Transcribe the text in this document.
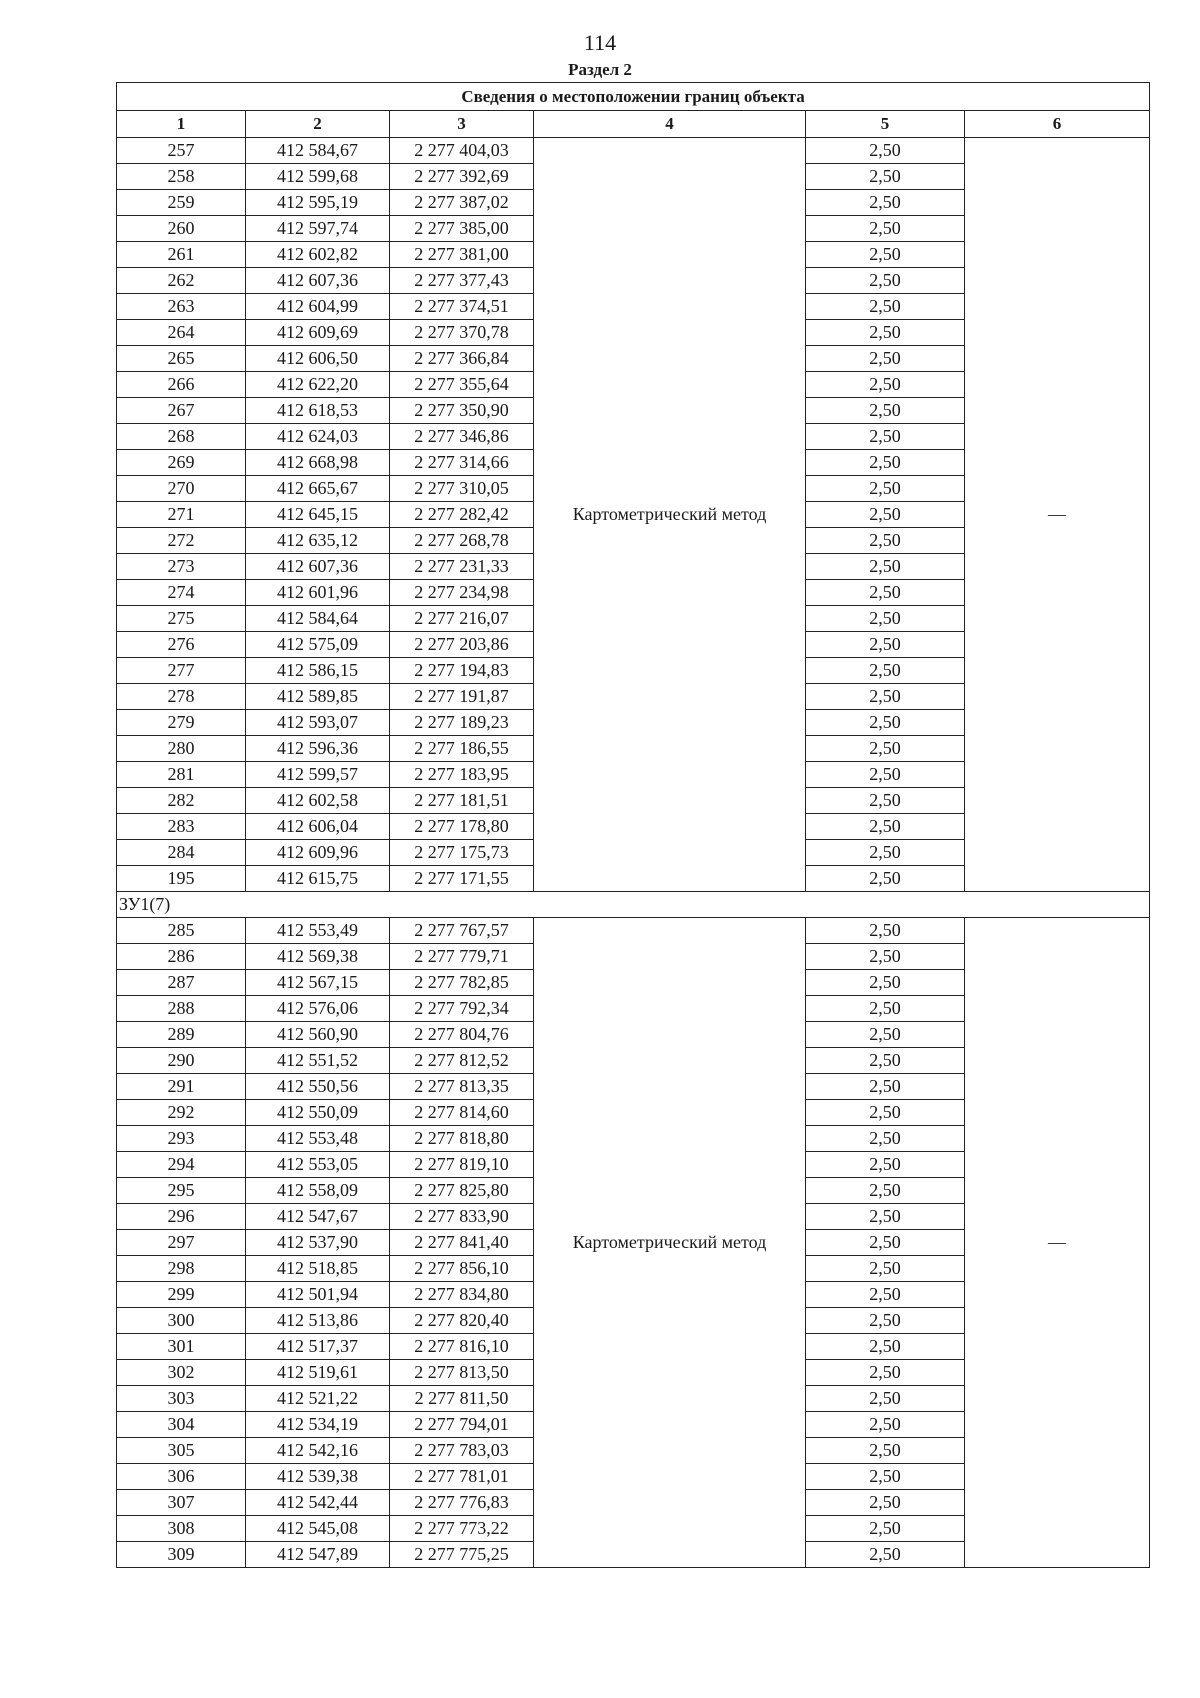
114
Раздел 2
Сведения о местоположении границ объекта					
1	2	3	4	5	6
257	412 584,67	2 277 404,03	Картометрический метод	2,50	—
258	412 599,68	2 277 392,69		2,50	
259	412 595,19	2 277 387,02		2,50	
260	412 597,74	2 277 385,00		2,50	
261	412 602,82	2 277 381,00		2,50	
262	412 607,36	2 277 377,43		2,50	
263	412 604,99	2 277 374,51		2,50	
264	412 609,69	2 277 370,78		2,50	
265	412 606,50	2 277 366,84		2,50	
266	412 622,20	2 277 355,64		2,50	
267	412 618,53	2 277 350,90		2,50	
268	412 624,03	2 277 346,86		2,50	
269	412 668,98	2 277 314,66		2,50	
270	412 665,67	2 277 310,05		2,50	
271	412 645,15	2 277 282,42		2,50	
272	412 635,12	2 277 268,78		2,50	
273	412 607,36	2 277 231,33		2,50	
274	412 601,96	2 277 234,98		2,50	
275	412 584,64	2 277 216,07		2,50	
276	412 575,09	2 277 203,86		2,50	
277	412 586,15	2 277 194,83		2,50	
278	412 589,85	2 277 191,87		2,50	
279	412 593,07	2 277 189,23		2,50	
280	412 596,36	2 277 186,55		2,50	
281	412 599,57	2 277 183,95		2,50	
282	412 602,58	2 277 181,51		2,50	
283	412 606,04	2 277 178,80		2,50	
284	412 609,96	2 277 175,73		2,50	
195	412 615,75	2 277 171,55		2,50	
ЗУ1(7)					
285	412 553,49	2 277 767,57	Картометрический метод	2,50	—
286	412 569,38	2 277 779,71		2,50	
287	412 567,15	2 277 782,85		2,50	
288	412 576,06	2 277 792,34		2,50	
289	412 560,90	2 277 804,76		2,50	
290	412 551,52	2 277 812,52		2,50	
291	412 550,56	2 277 813,35		2,50	
292	412 550,09	2 277 814,60		2,50	
293	412 553,48	2 277 818,80		2,50	
294	412 553,05	2 277 819,10		2,50	
295	412 558,09	2 277 825,80		2,50	
296	412 547,67	2 277 833,90		2,50	
297	412 537,90	2 277 841,40		2,50	
298	412 518,85	2 277 856,10		2,50	
299	412 501,94	2 277 834,80		2,50	
300	412 513,86	2 277 820,40		2,50	
301	412 517,37	2 277 816,10		2,50	
302	412 519,61	2 277 813,50		2,50	
303	412 521,22	2 277 811,50		2,50	
304	412 534,19	2 277 794,01		2,50	
305	412 542,16	2 277 783,03		2,50	
306	412 539,38	2 277 781,01		2,50	
307	412 542,44	2 277 776,83		2,50	
308	412 545,08	2 277 773,22		2,50	
309	412 547,89	2 277 775,25		2,50	
